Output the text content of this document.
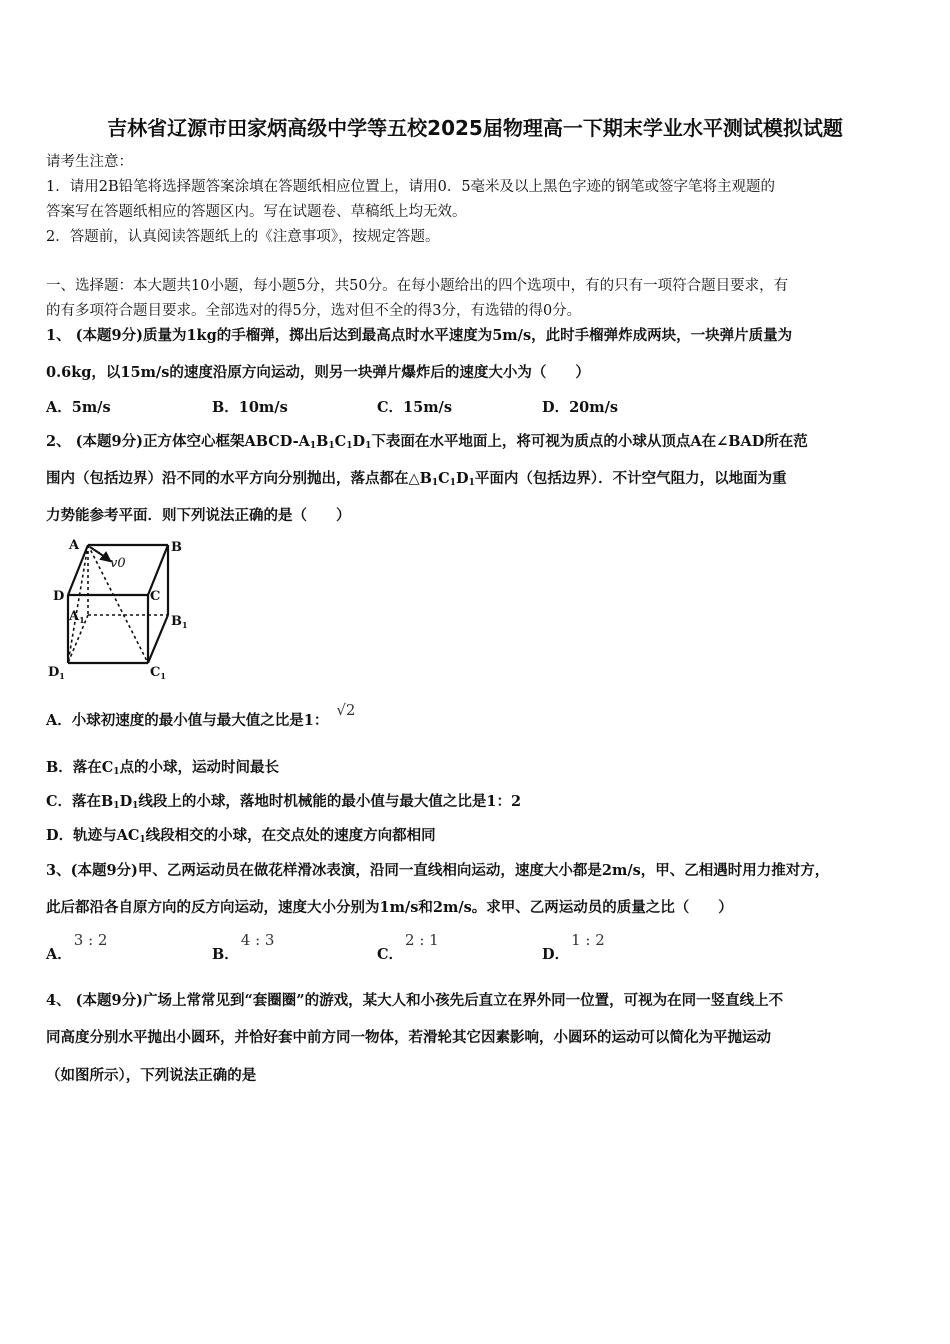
吉林省辽源市田家炳高级中学等五校2025届物理高一下期末学业水平测试模拟试题
请考生注意：
1．请用2B铅笔将选择题答案涂填在答题纸相应位置上，请用0．5毫米及以上黑色字迹的钢笔或签字笔将主观题的
答案写在答题纸相应的答题区内。写在试题卷、草稿纸上均无效。
2．答题前，认真阅读答题纸上的《注意事项》，按规定答题。
一、选择题：本大题共10小题，每小题5分，共50分。在每小题给出的四个选项中，有的只有一项符合题目要求，有
的有多项符合题目要求。全部选对的得5分，选对但不全的得3分，有选错的得0分。
1、 (本题9分)质量为1kg的手榴弹，掷出后达到最高点时水平速度为5m/s，此时手榴弹炸成两块，一块弹片质量为
0.6kg，以15m/s的速度沿原方向运动，则另一块弹片爆炸后的速度大小为（　　）
A．5m/s	B．10m/s	C．15m/s	D．20m/s
2、 (本题9分)正方体空心框架ABCD-$A_1B_1C_1D_1$下表面在水平地面上，将可视为质点的小球从顶点A在∠BAD所在范
围内（包括边界）沿不同的水平方向分别抛出，落点都在$\triangle B_1C_1D_1$平面内（包括边界）．不计空气阻力，以地面为重
力势能参考平面．则下列说法正确的是（　　）
A	B
D	C
$A_1$	$B_1$
$D_1$	$C_1$
v0
A．小球初速度的最小值与最大值之比是1：√2
B．落在$C_1$点的小球，运动时间最长
C．落在$B_1D_1$线段上的小球，落地时机械能的最小值与最大值之比是1：2
D．轨迹与$AC_1$线段相交的小球，在交点处的速度方向都相同
3、(本题9分)甲、乙两运动员在做花样滑冰表演，沿同一直线相向运动，速度大小都是2m/s，甲、乙相遇时用力推对方，
此后都沿各自原方向的反方向运动，速度大小分别为1m/s和2m/s。求甲、乙两运动员的质量之比（　　）
A．3 : 2
B．4 : 3
C．2 : 1
D．1 : 2
4、 (本题9分)广场上常常见到“套圈圈”的游戏，某大人和小孩先后直立在界外同一位置，可视为在同一竖直线上不
同高度分别水平抛出小圆环，并恰好套中前方同一物体，若滑轮其它因素影响，小圆环的运动可以简化为平抛运动
（如图所示），下列说法正确的是
